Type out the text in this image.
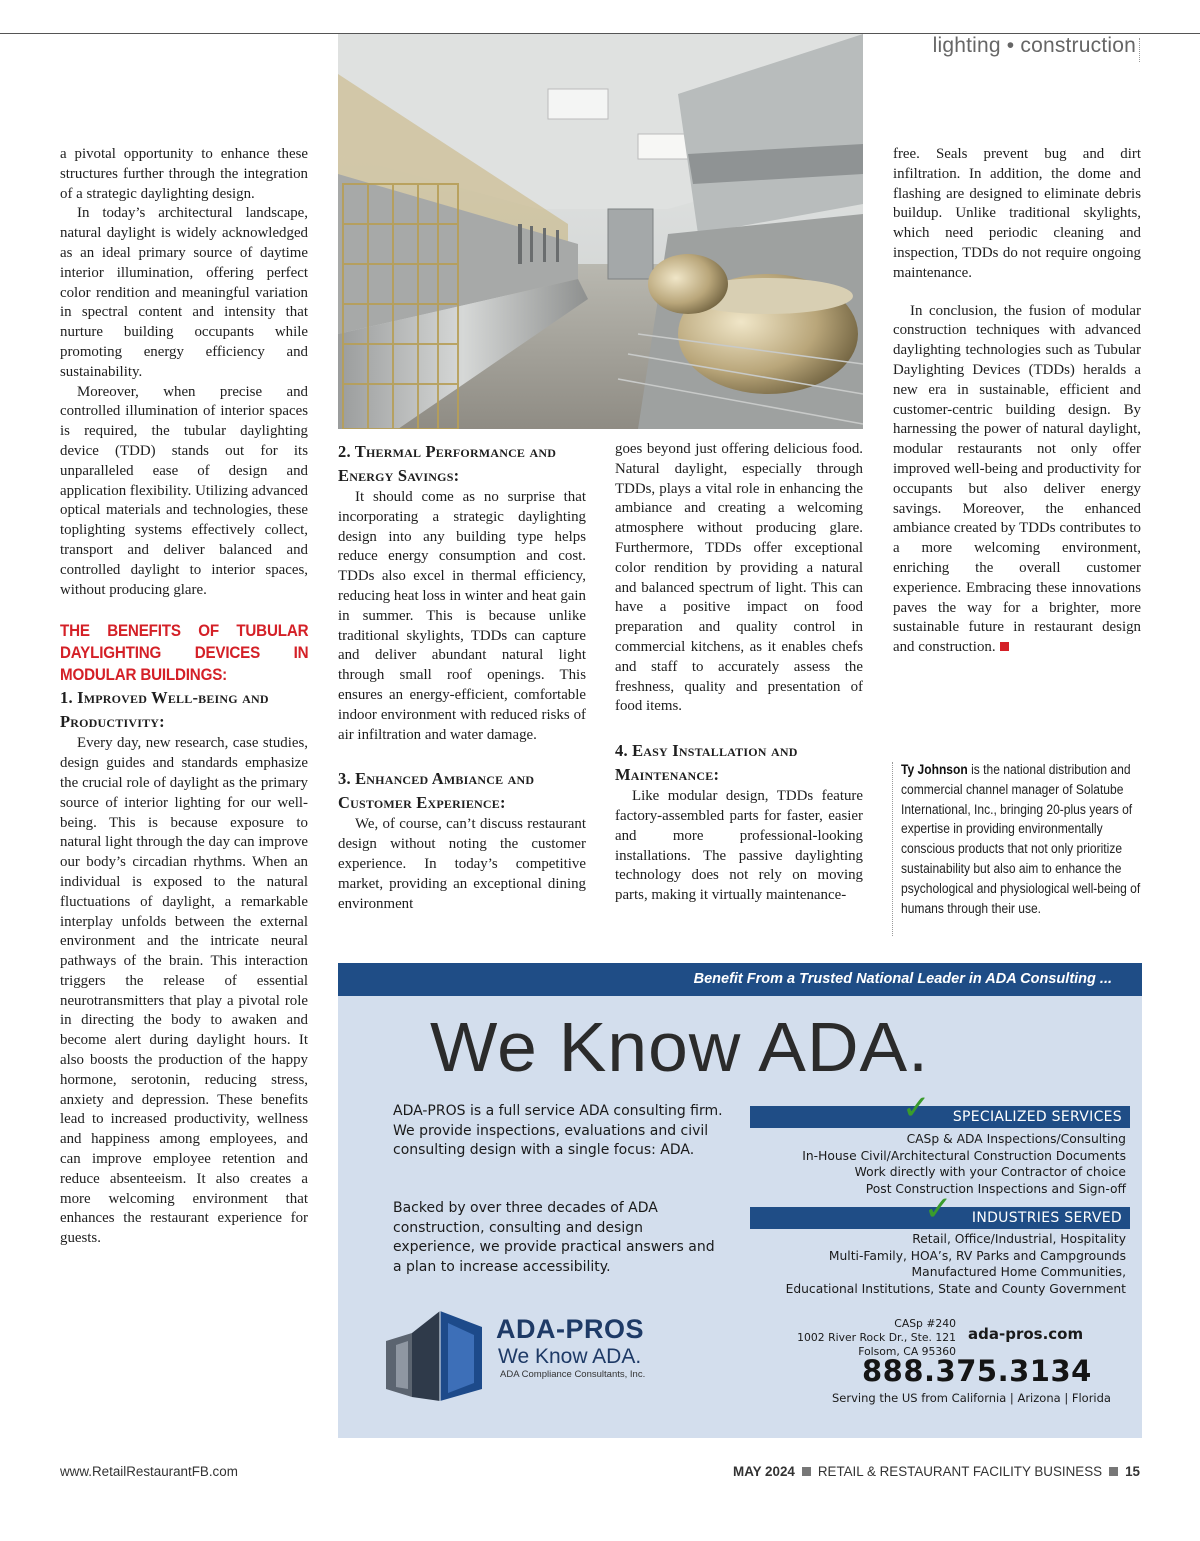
lighting • construction

a pivotal opportunity to enhance these structures further through the integration of a strategic daylighting design.

In today’s architectural landscape, natural daylight is widely acknowledged as an ideal primary source of daytime interior illumination, offering perfect color rendition and meaningful variation in spectral content and intensity that nurture building occupants while promoting energy efficiency and sustainability.

Moreover, when precise and controlled illumination of interior spaces is required, the tubular daylighting device (TDD) stands out for its unparalleled ease of design and application flexibility. Utilizing advanced optical materials and technologies, these toplighting systems effectively collect, transport and deliver balanced and controlled daylight to interior spaces, without producing glare.

THE BENEFITS OF TUBULAR DAYLIGHTING DEVICES IN MODULAR BUILDINGS:
1. Improved Well-being and Productivity:

Every day, new research, case studies, design guides and standards emphasize the crucial role of daylight as the primary source of interior lighting for our well-being. This is because exposure to natural light through the day can improve our body’s circadian rhythms. When an individual is exposed to the natural fluctuations of daylight, a remarkable interplay unfolds between the external environment and the intricate neural pathways of the brain. This interaction triggers the release of essential neurotransmitters that play a pivotal role in directing the body to awaken and become alert during daylight hours. It also boosts the production of the happy hormone, serotonin, reducing stress, anxiety and depression. These benefits lead to increased productivity, wellness and happiness among employees, and can improve employee retention and reduce absenteeism. It also creates a more welcoming environment that enhances the restaurant experience for guests.

2. Thermal Performance and Energy Savings:

It should come as no surprise that incorporating a strategic daylighting design into any building type helps reduce energy consumption and cost. TDDs also excel in thermal efficiency, reducing heat loss in winter and heat gain in summer. This is because unlike traditional skylights, TDDs can capture and deliver abundant natural light through small roof openings. This ensures an energy-efficient, comfortable indoor environment with reduced risks of air infiltration and water damage.

3. Enhanced Ambiance and Customer Experience:

We, of course, can’t discuss restaurant design without noting the customer experience. In today’s competitive market, providing an exceptional dining environment

goes beyond just offering delicious food. Natural daylight, especially through TDDs, plays a vital role in enhancing the ambiance and creating a welcoming atmosphere without producing glare. Furthermore, TDDs offer exceptional color rendition by providing a natural and balanced spectrum of light. This can have a positive impact on food preparation and quality control in commercial kitchens, as it enables chefs and staff to accurately assess the freshness, quality and presentation of food items.

4. Easy Installation and Maintenance:

Like modular design, TDDs feature factory-assembled parts for faster, easier and more professional-looking installations. The passive daylighting technology does not rely on moving parts, making it virtually maintenance-

free. Seals prevent bug and dirt infiltration. In addition, the dome and flashing are designed to eliminate debris buildup. Unlike traditional skylights, which need periodic cleaning and inspection, TDDs do not require ongoing maintenance.

In conclusion, the fusion of modular construction techniques with advanced daylighting technologies such as Tubular Daylighting Devices (TDDs) heralds a new era in sustainable, efficient and customer-centric building design. By harnessing the power of natural daylight, modular restaurants not only offer improved well-being and productivity for occupants but also deliver energy savings. Moreover, the enhanced ambiance created by TDDs contributes to a more welcoming environment, enriching the overall customer experience. Embracing these innovations paves the way for a brighter, more sustainable future in restaurant design and construction.

Ty Johnson is the national distribution and commercial channel manager of Solatube International, Inc., bringing 20-plus years of expertise in providing environmentally conscious products that not only prioritize sustainability but also aim to enhance the psychological and physiological well-being of humans through their use.
Benefit From a Trusted National Leader in ADA Consulting ...
We Know ADA.
ADA-PROS is a full service ADA consulting firm. We provide inspections, evaluations and civil consulting design with a single focus: ADA.
Backed by over three decades of ADA construction, consulting and design experience, we provide practical answers and a plan to increase accessibility.
SPECIALIZED SERVICES
✓
CASp & ADA Inspections/Consulting
In-House Civil/Architectural Construction Documents
Work directly with your Contractor of choice
Post Construction Inspections and Sign-off
INDUSTRIES SERVED
✓
Retail, Office/Industrial, Hospitality
Multi-Family, HOA’s, RV Parks and Campgrounds
Manufactured Home Communities,
Educational Institutions, State and County Government
ADA-PROS
We Know ADA.
ADA Compliance Consultants, Inc.
CASp #240
1002 River Rock Dr., Ste. 121
Folsom, CA 95360
ada-pros.com
888.375.3134
Serving the US from California | Arizona | Florida
www.RetailRestaurantFB.com	MAY 2024 RETAIL & RESTAURANT FACILITY BUSINESS 15
